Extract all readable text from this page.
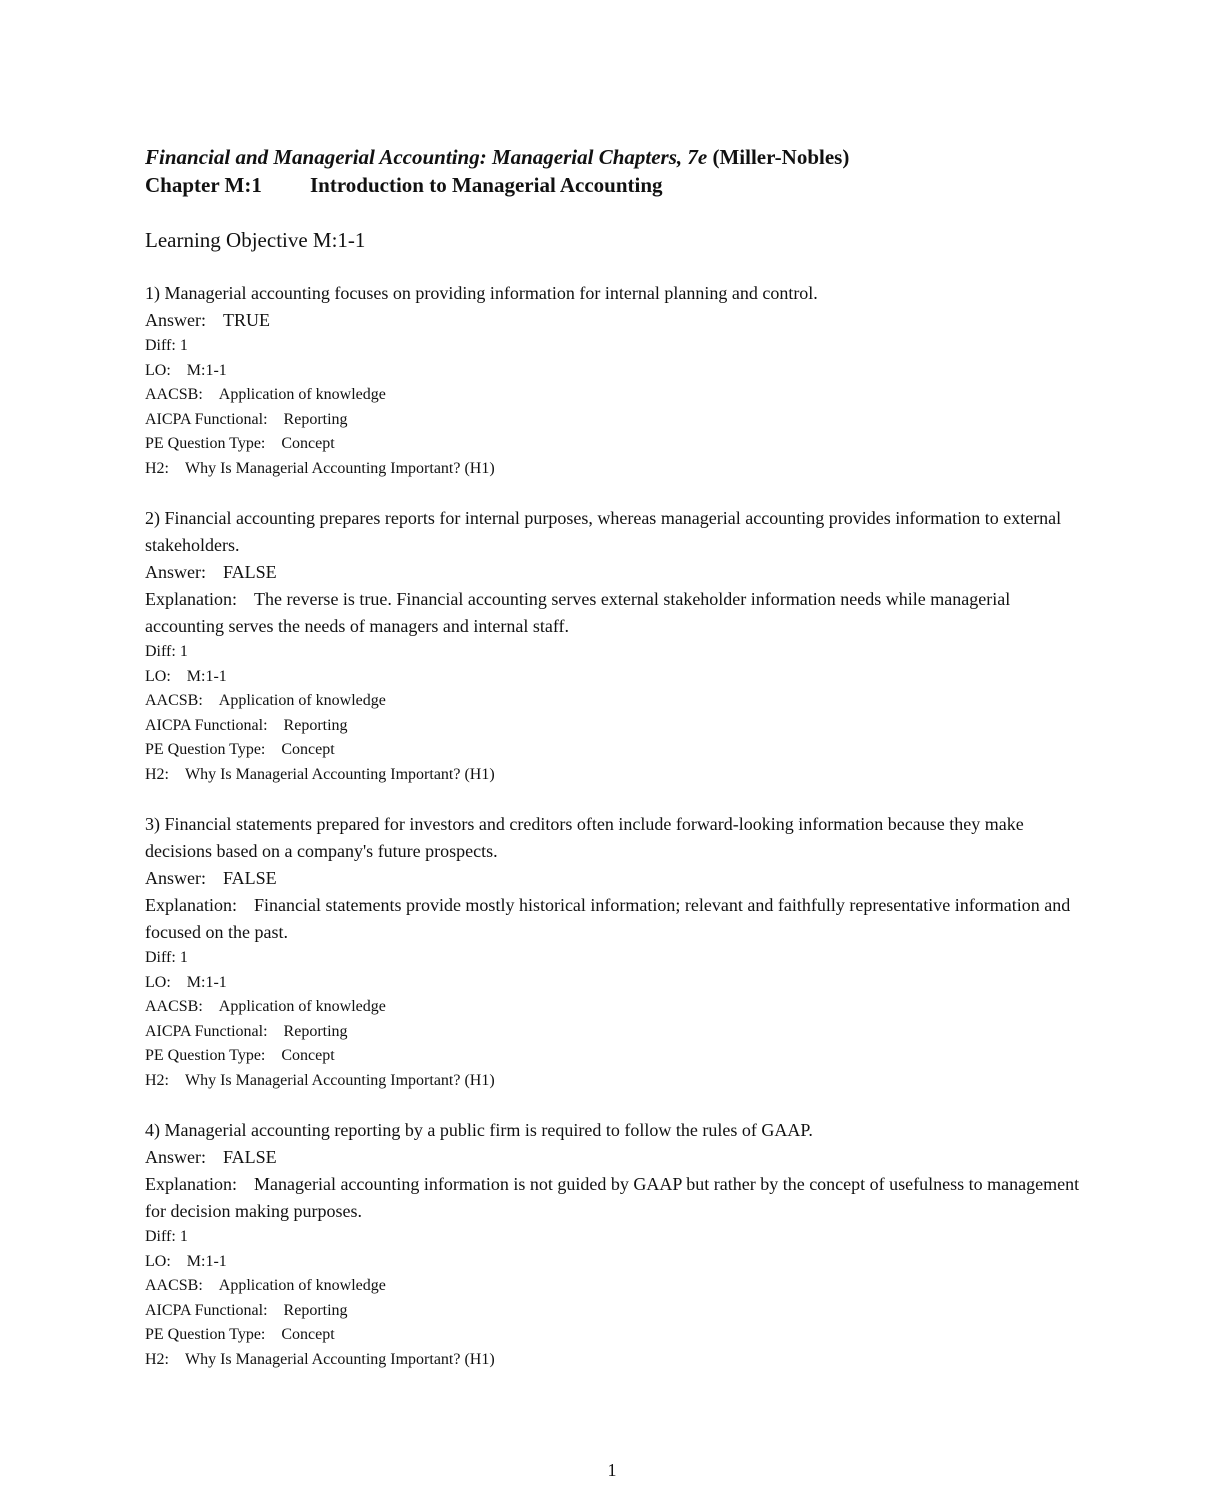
Financial and Managerial Accounting: Managerial Chapters, 7e (Miller-Nobles)
Chapter M:1 Introduction to Managerial Accounting
Learning Objective M:1-1
1) Managerial accounting focuses on providing information for internal planning and control.
Answer: TRUE
Diff: 1
LO: M:1-1
AACSB: Application of knowledge
AICPA Functional: Reporting
PE Question Type: Concept
H2: Why Is Managerial Accounting Important? (H1)
2) Financial accounting prepares reports for internal purposes, whereas managerial accounting provides information to external stakeholders.
Answer: FALSE
Explanation: The reverse is true. Financial accounting serves external stakeholder information needs while managerial accounting serves the needs of managers and internal staff.
Diff: 1
LO: M:1-1
AACSB: Application of knowledge
AICPA Functional: Reporting
PE Question Type: Concept
H2: Why Is Managerial Accounting Important? (H1)
3) Financial statements prepared for investors and creditors often include forward-looking information because they make decisions based on a company's future prospects.
Answer: FALSE
Explanation: Financial statements provide mostly historical information; relevant and faithfully representative information and focused on the past.
Diff: 1
LO: M:1-1
AACSB: Application of knowledge
AICPA Functional: Reporting
PE Question Type: Concept
H2: Why Is Managerial Accounting Important? (H1)
4) Managerial accounting reporting by a public firm is required to follow the rules of GAAP.
Answer: FALSE
Explanation: Managerial accounting information is not guided by GAAP but rather by the concept of usefulness to management for decision making purposes.
Diff: 1
LO: M:1-1
AACSB: Application of knowledge
AICPA Functional: Reporting
PE Question Type: Concept
H2: Why Is Managerial Accounting Important? (H1)
1
